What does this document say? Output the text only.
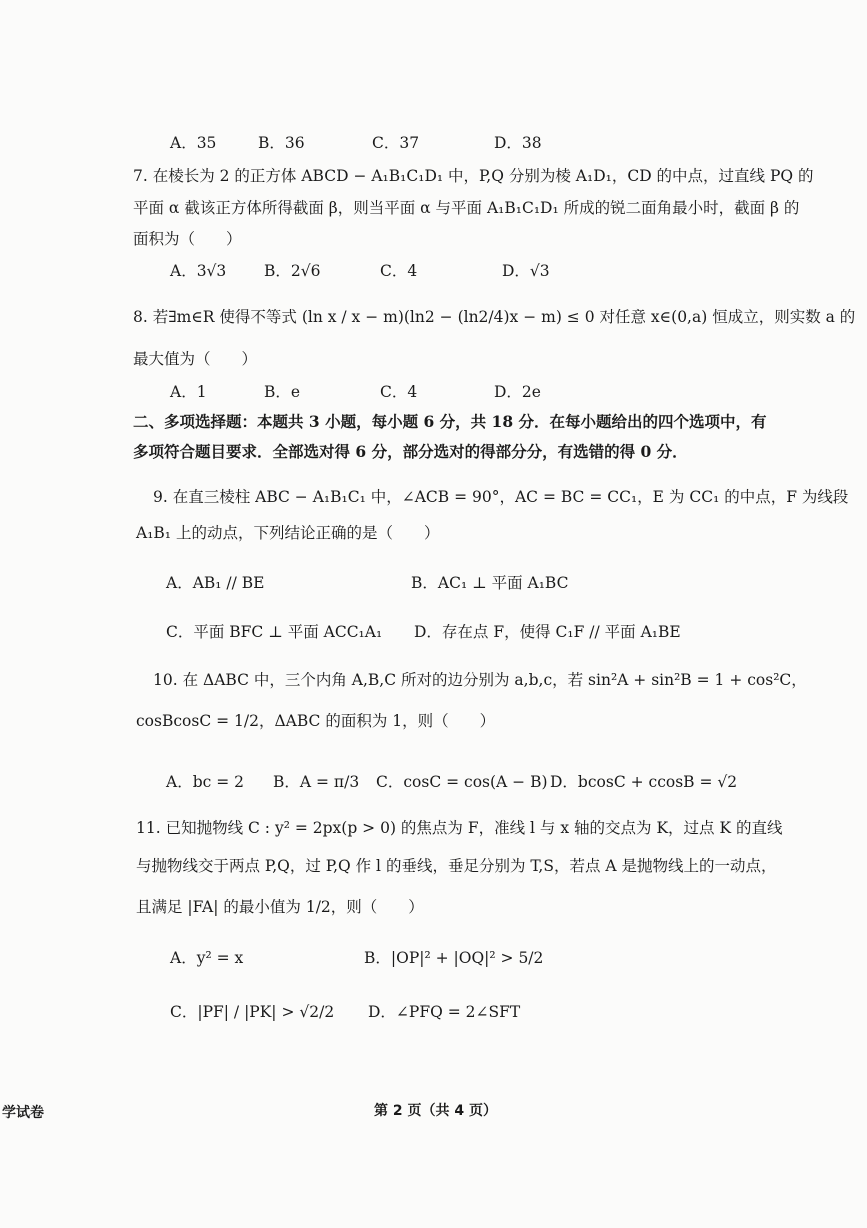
A．35	B．36	C．37	D．38
7. 在棱长为 2 的正方体 ABCD − A₁B₁C₁D₁ 中，P,Q 分别为棱 A₁D₁，CD 的中点，过直线 PQ 的
平面 α 截该正方体所得截面 β，则当平面 α 与平面 A₁B₁C₁D₁ 所成的锐二面角最小时，截面 β 的
面积为（　　）
A．3√3 B．2√6	C．4	D．√3
8. 若∃m∈R 使得不等式 (ln x / x − m)(ln2 − (ln2/4)x − m) ≤ 0 对任意 x∈(0,a) 恒成立，则实数 a 的
最大值为（　　）
A．1	B．e	C．4	D．2e
二、多项选择题：本题共 3 小题，每小题 6 分，共 18 分．在每小题给出的四个选项中，有
多项符合题目要求．全部选对得 6 分，部分选对的得部分分，有选错的得 0 分．
9. 在直三棱柱 ABC − A₁B₁C₁ 中，∠ACB = 90°，AC = BC = CC₁，E 为 CC₁ 的中点，F 为线段
A₁B₁ 上的动点，下列结论正确的是（　　）
A．AB₁ // BE	B．AC₁ ⊥ 平面 A₁BC
C．平面 BFC ⊥ 平面 ACC₁A₁ D．存在点 F，使得 C₁F // 平面 A₁BE
10. 在 ΔABC 中，三个内角 A,B,C 所对的边分别为 a,b,c，若 sin²A + sin²B = 1 + cos²C，
cosBcosC = 1/2，ΔABC 的面积为 1，则（　　）
A．bc = 2 B．A = π/3 C．cosC = cos(A − B) D．bcosC + ccosB = √2
11. 已知抛物线 C : y² = 2px(p > 0) 的焦点为 F，准线 l 与 x 轴的交点为 K，过点 K 的直线
与抛物线交于两点 P,Q，过 P,Q 作 l 的垂线，垂足分别为 T,S，若点 A 是抛物线上的一动点，
且满足 |FA| 的最小值为 1/2，则（　　）
A．y² = x	B．|OP|² + |OQ|² > 5/2
C．|PF| / |PK| > √2/2 D．∠PFQ = 2∠SFT
学试卷	第 2 页（共 4 页）
